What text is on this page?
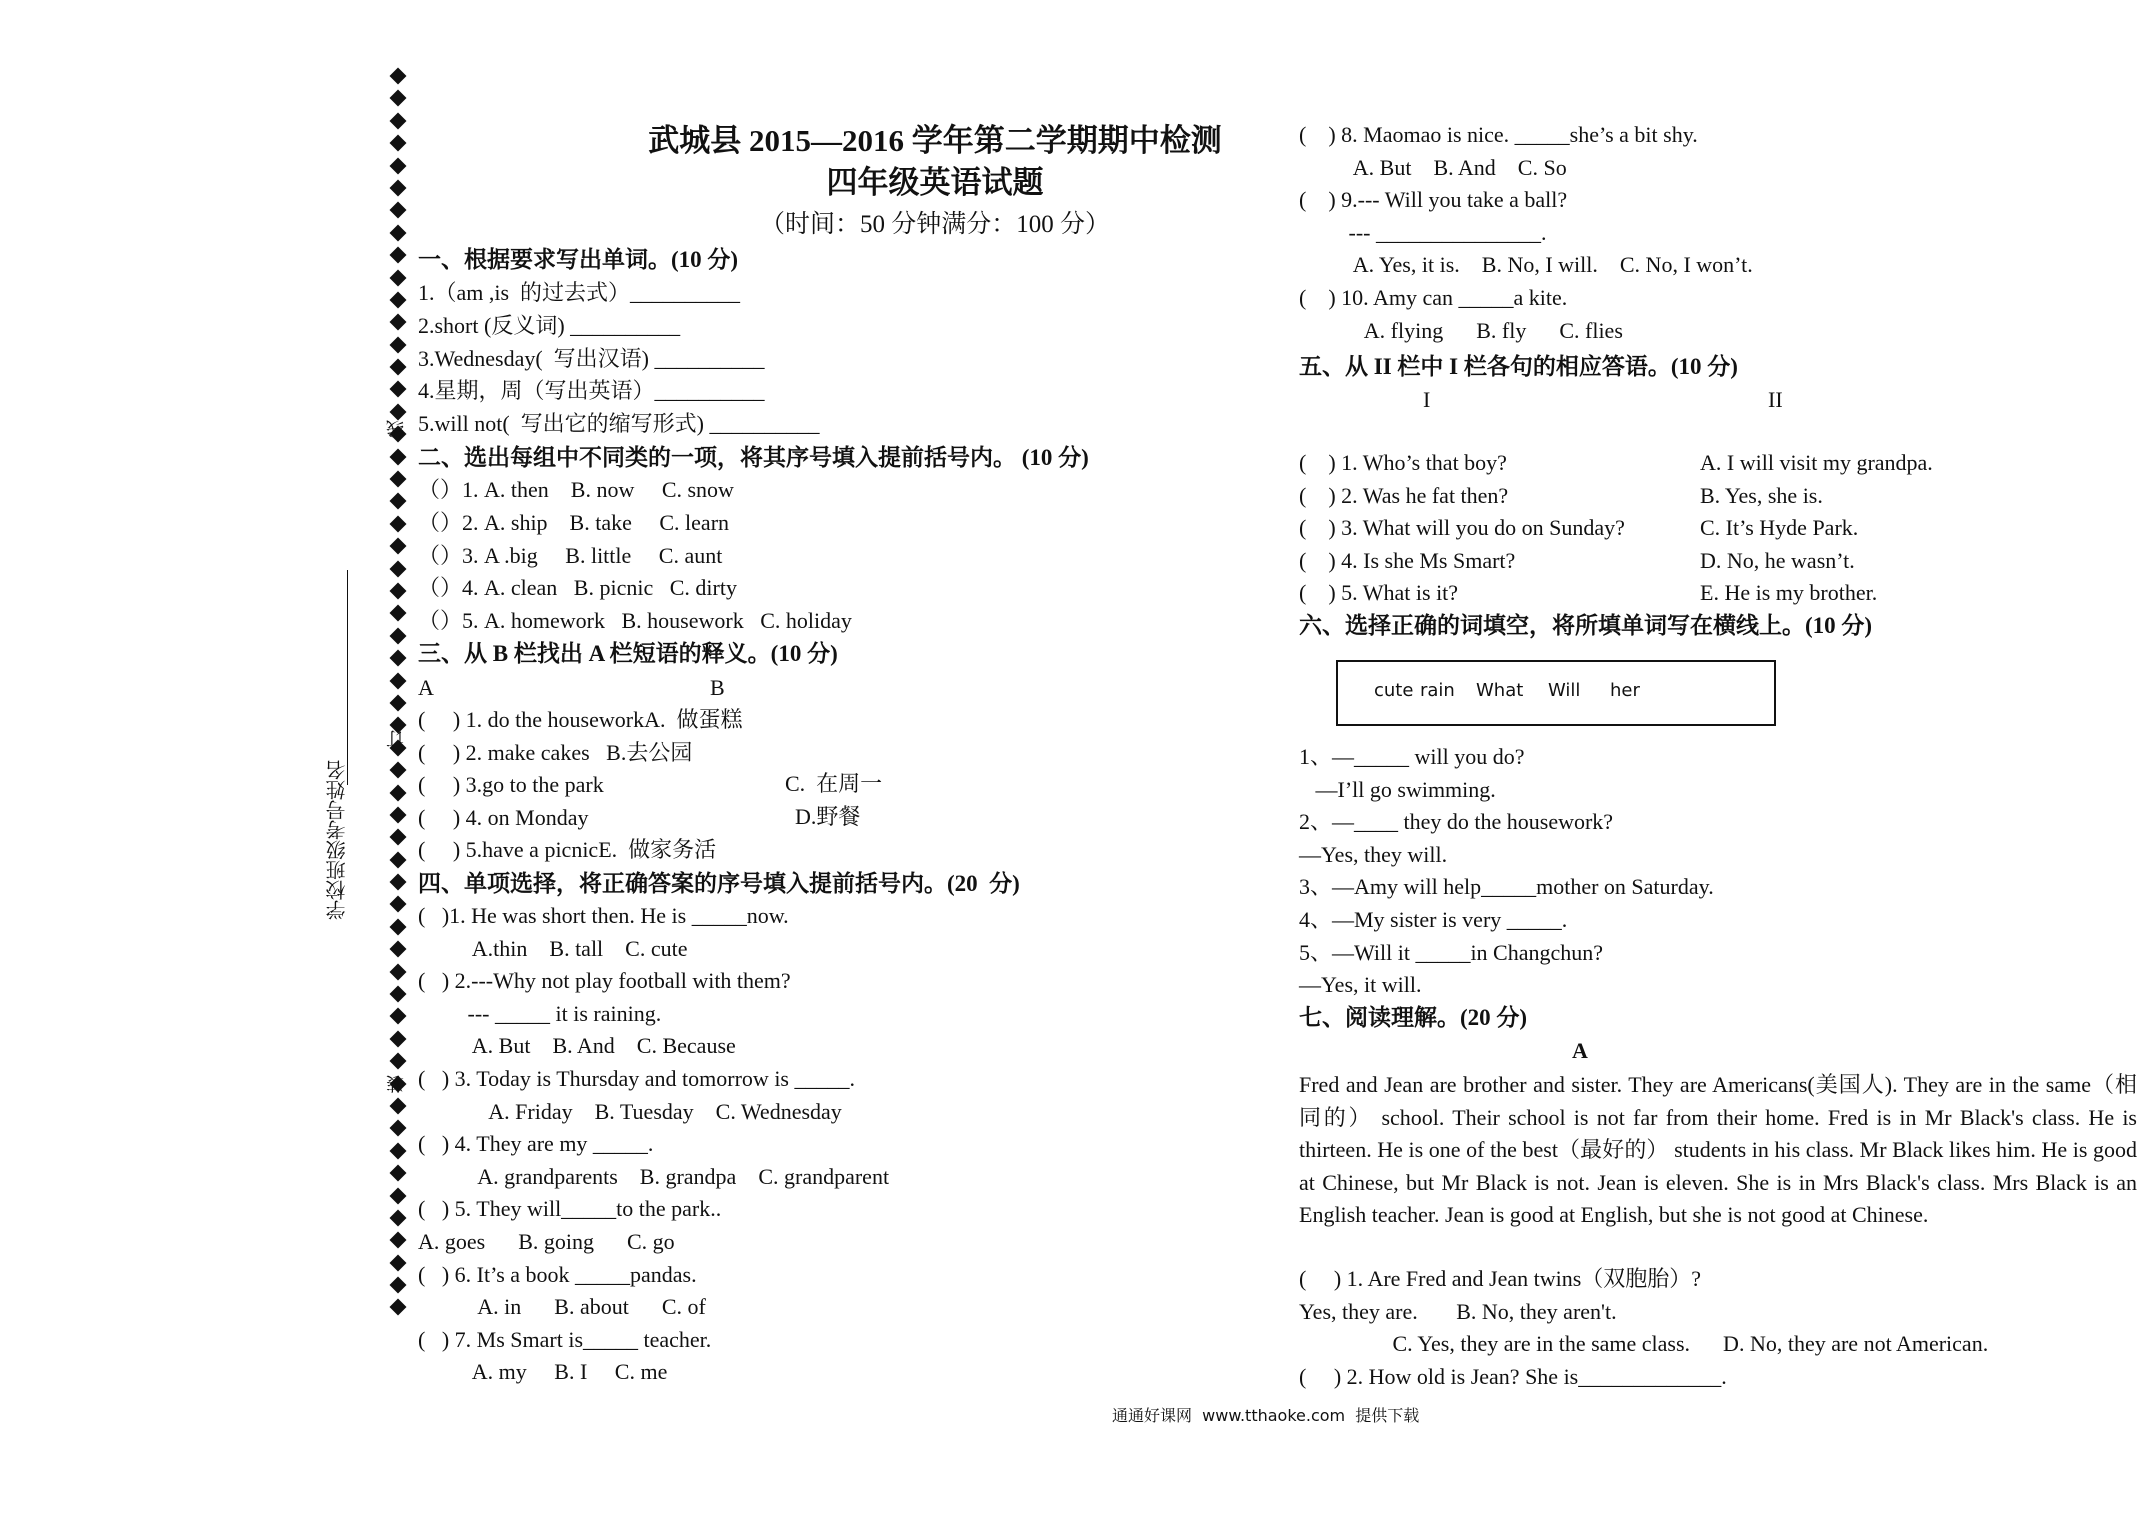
学校班级考号姓名
线
订
装
武城县 2015—2016 学年第二学期期中检测
四年级英语试题
（时间：50 分钟满分：100 分）
一、根据要求写出单词。(10 分)
1.（am ,is  的过去式）__________
2.short (反义词) __________
3.Wednesday(  写出汉语) __________
4.星期，周（写出英语）__________
5.will not(  写出它的缩写形式) __________
二、选出每组中不同类的一项，将其序号填入提前括号内。 (10 分)
（）1. A. then    B. now     C. snow
（）2. A. ship    B. take     C. learn
（）3. A .big     B. little     C. aunt
（）4. A. clean   B. picnic   C. dirty
（）5. A. homework   B. housework   C. holiday
三、从 B 栏找出 A 栏短语的释义。(10 分)
A	B
(     ) 1. do the houseworkA.  做蛋糕
(     ) 2. make cakes   B.去公园
(     ) 3.go to the park
(     ) 4. on Monday
(     ) 5.have a picnicE.  做家务活
C.  在周一
D.野餐
四、单项选择，将正确答案的序号填入提前括号内。(20  分)
(   )1. He was short then. He is _____now.
A.thin    B. tall    C. cute
(   ) 2.---Why not play football with them?
--- _____ it is raining.
A. But    B. And    C. Because
(   ) 3. Today is Thursday and tomorrow is _____.
A. Friday    B. Tuesday    C. Wednesday
(   ) 4. They are my _____.
A. grandparents    B. grandpa    C. grandparent
(   ) 5. They will_____to the park..
A. goes      B. going      C. go
(   ) 6. It’s a book _____pandas.
A. in      B. about      C. of
(   ) 7. Ms Smart is_____ teacher.
A. my     B. I     C. me
(    ) 8. Maomao is nice. _____she’s a bit shy.
A. But    B. And    C. So
(    ) 9.--- Will you take a ball?
--- _______________.
A. Yes, it is.    B. No, I will.    C. No, I won’t.
(    ) 10. Amy can _____a kite.
A. flying      B. fly      C. flies
五、从 II 栏中 I 栏各句的相应答语。(10 分)
I	II
(    ) 1. Who’s that boy?
(    ) 2. Was he fat then?
(    ) 3. What will you do on Sunday?
(    ) 4. Is she Ms Smart?
(    ) 5. What is it?
A. I will visit my grandpa.
B. Yes, she is.
C. It’s Hyde Park.
D. No, he wasn’t.
E. He is my brother.
六、选择正确的词填空，将所填单词写在横线上。(10 分)
cute rain What Will her
1、—_____ will you do?
—I’ll go swimming.
2、—____ they do the housework?
—Yes, they will.
3、—Amy will help_____mother on Saturday.
4、—My sister is very _____.
5、—Will it _____in Changchun?
—Yes, it will.
七、阅读理解。(20 分)
A
Fred and Jean are brother and sister. They are Americans(美国人). They are in the same（相同的） school. Their school is not far from their home. Fred is in Mr Black's class. He is thirteen. He is one of the best（最好的） students in his class. Mr Black likes him. He is good at Chinese, but Mr Black is not. Jean is eleven. She is in Mrs Black's class. Mrs Black is an English teacher. Jean is good at English, but she is not good at Chinese.
(     ) 1. Are Fred and Jean twins（双胞胎）?
Yes, they are.       B. No, they aren't.
C. Yes, they are in the same class.      D. No, they are not American.
(     ) 2. How old is Jean? She is_____________.
通通好课网  www.tthaoke.com  提供下载
